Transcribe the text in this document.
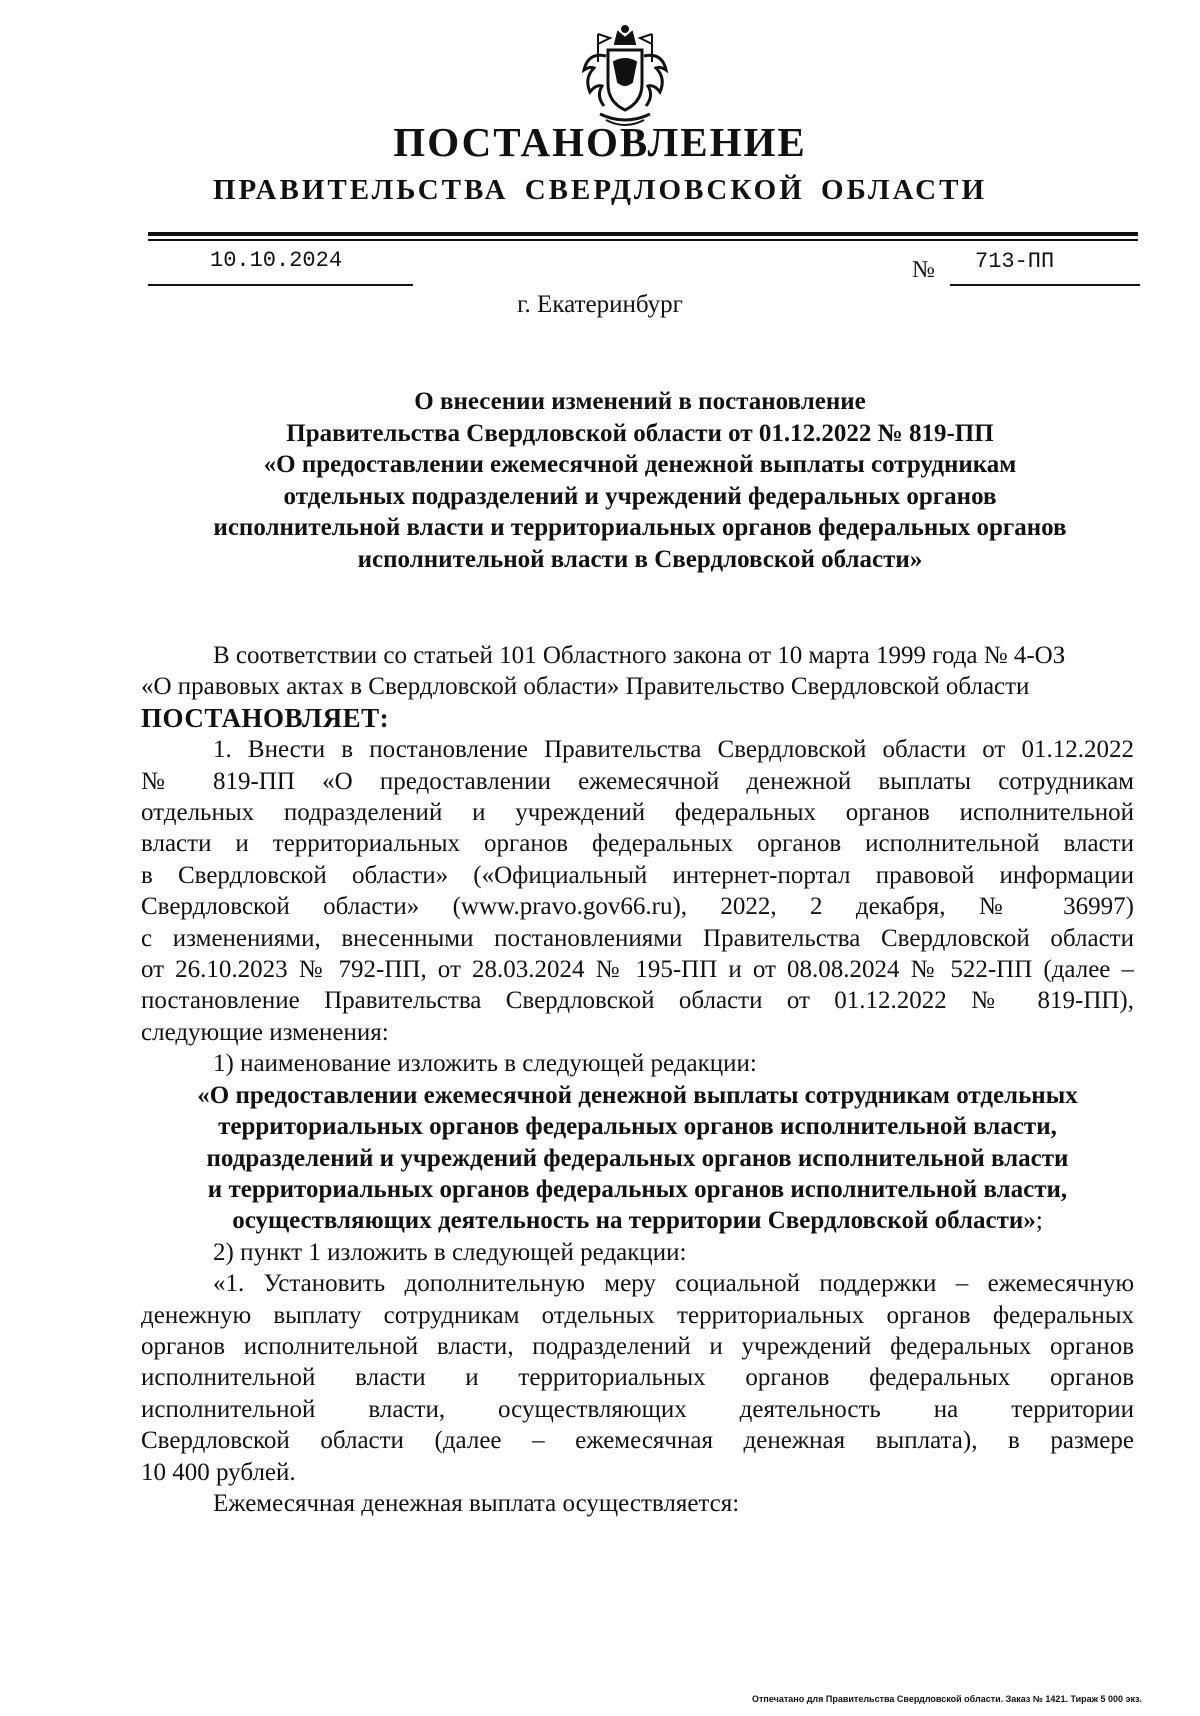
ПОСТАНОВЛЕНИЕ
ПРАВИТЕЛЬСТВА СВЕРДЛОВСКОЙ ОБЛАСТИ
10.10.2024	№ 713-ПП
г. Екатеринбург
О внесении изменений в постановление
Правительства Свердловской области от 01.12.2022 № 819-ПП
«О предоставлении ежемесячной денежной выплаты сотрудникам
отдельных подразделений и учреждений федеральных органов
исполнительной власти и территориальных органов федеральных органов
исполнительной власти в Свердловской области»

В соответствии со статьей 101 Областного закона от 10 марта 1999 года № 4-ОЗ

«О правовых актах в Свердловской области» Правительство Свердловской области

ПОСТАНОВЛЯЕТ:

1. Внести в постановление Правительства Свердловской области от 01.12.2022
№ 819-ПП «О предоставлении ежемесячной денежной выплаты сотрудникам
отдельных подразделений и учреждений федеральных органов исполнительной
власти и территориальных органов федеральных органов исполнительной власти
в Свердловской области» («Официальный интернет-портал правовой информации
Свердловской области» (www.pravo.gov66.ru), 2022, 2 декабря, № 36997)
с изменениями, внесенными постановлениями Правительства Свердловской области
от 26.10.2023 № 792-ПП, от 28.03.2024 № 195-ПП и от 08.08.2024 № 522-ПП (далее –
постановление Правительства Свердловской области от 01.12.2022 № 819-ПП),
следующие изменения:

1) наименование изложить в следующей редакции:

«О предоставлении ежемесячной денежной выплаты сотрудникам отдельных
территориальных органов федеральных органов исполнительной власти,
подразделений и учреждений федеральных органов исполнительной власти
и территориальных органов федеральных органов исполнительной власти,
осуществляющих деятельность на территории Свердловской области»;

2) пункт 1 изложить в следующей редакции:

«1. Установить дополнительную меру социальной поддержки – ежемесячную
денежную выплату сотрудникам отдельных территориальных органов федеральных
органов исполнительной власти, подразделений и учреждений федеральных органов
исполнительной власти и территориальных органов федеральных органов
исполнительной власти, осуществляющих деятельность на территории
Свердловской области (далее – ежемесячная денежная выплата), в размере
10 400 рублей.

Ежемесячная денежная выплата осуществляется:

Отпечатано для Правительства Свердловской области. Заказ № 1421. Тираж 5 000 экз.
